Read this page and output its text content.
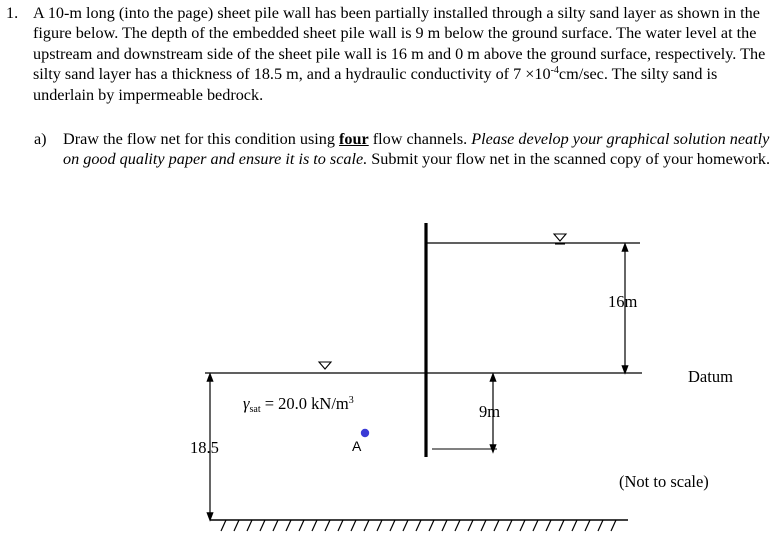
1. A 10-m long (into the page) sheet pile wall has been partially installed through a silty sand layer as shown in the figure below. The depth of the embedded sheet pile wall is 9 m below the ground surface. The water level at the upstream and downstream side of the sheet pile wall is 16 m and 0 m above the ground surface, respectively. The silty sand layer has a thickness of 18.5 m, and a hydraulic conductivity of $7 \times 10^{-4}cm/\sec$. The silty sand is underlain by impermeable bedrock.
a) Draw the flow net for this condition using four flow channels. Please develop your graphical solution neatly on good quality paper and ensure it is to scale. Submit your flow net in the scanned copy of your homework.
16m
9m
18.5
Datum
γsat = 20.0 $kN/m^3$
A
(Not to scale)
